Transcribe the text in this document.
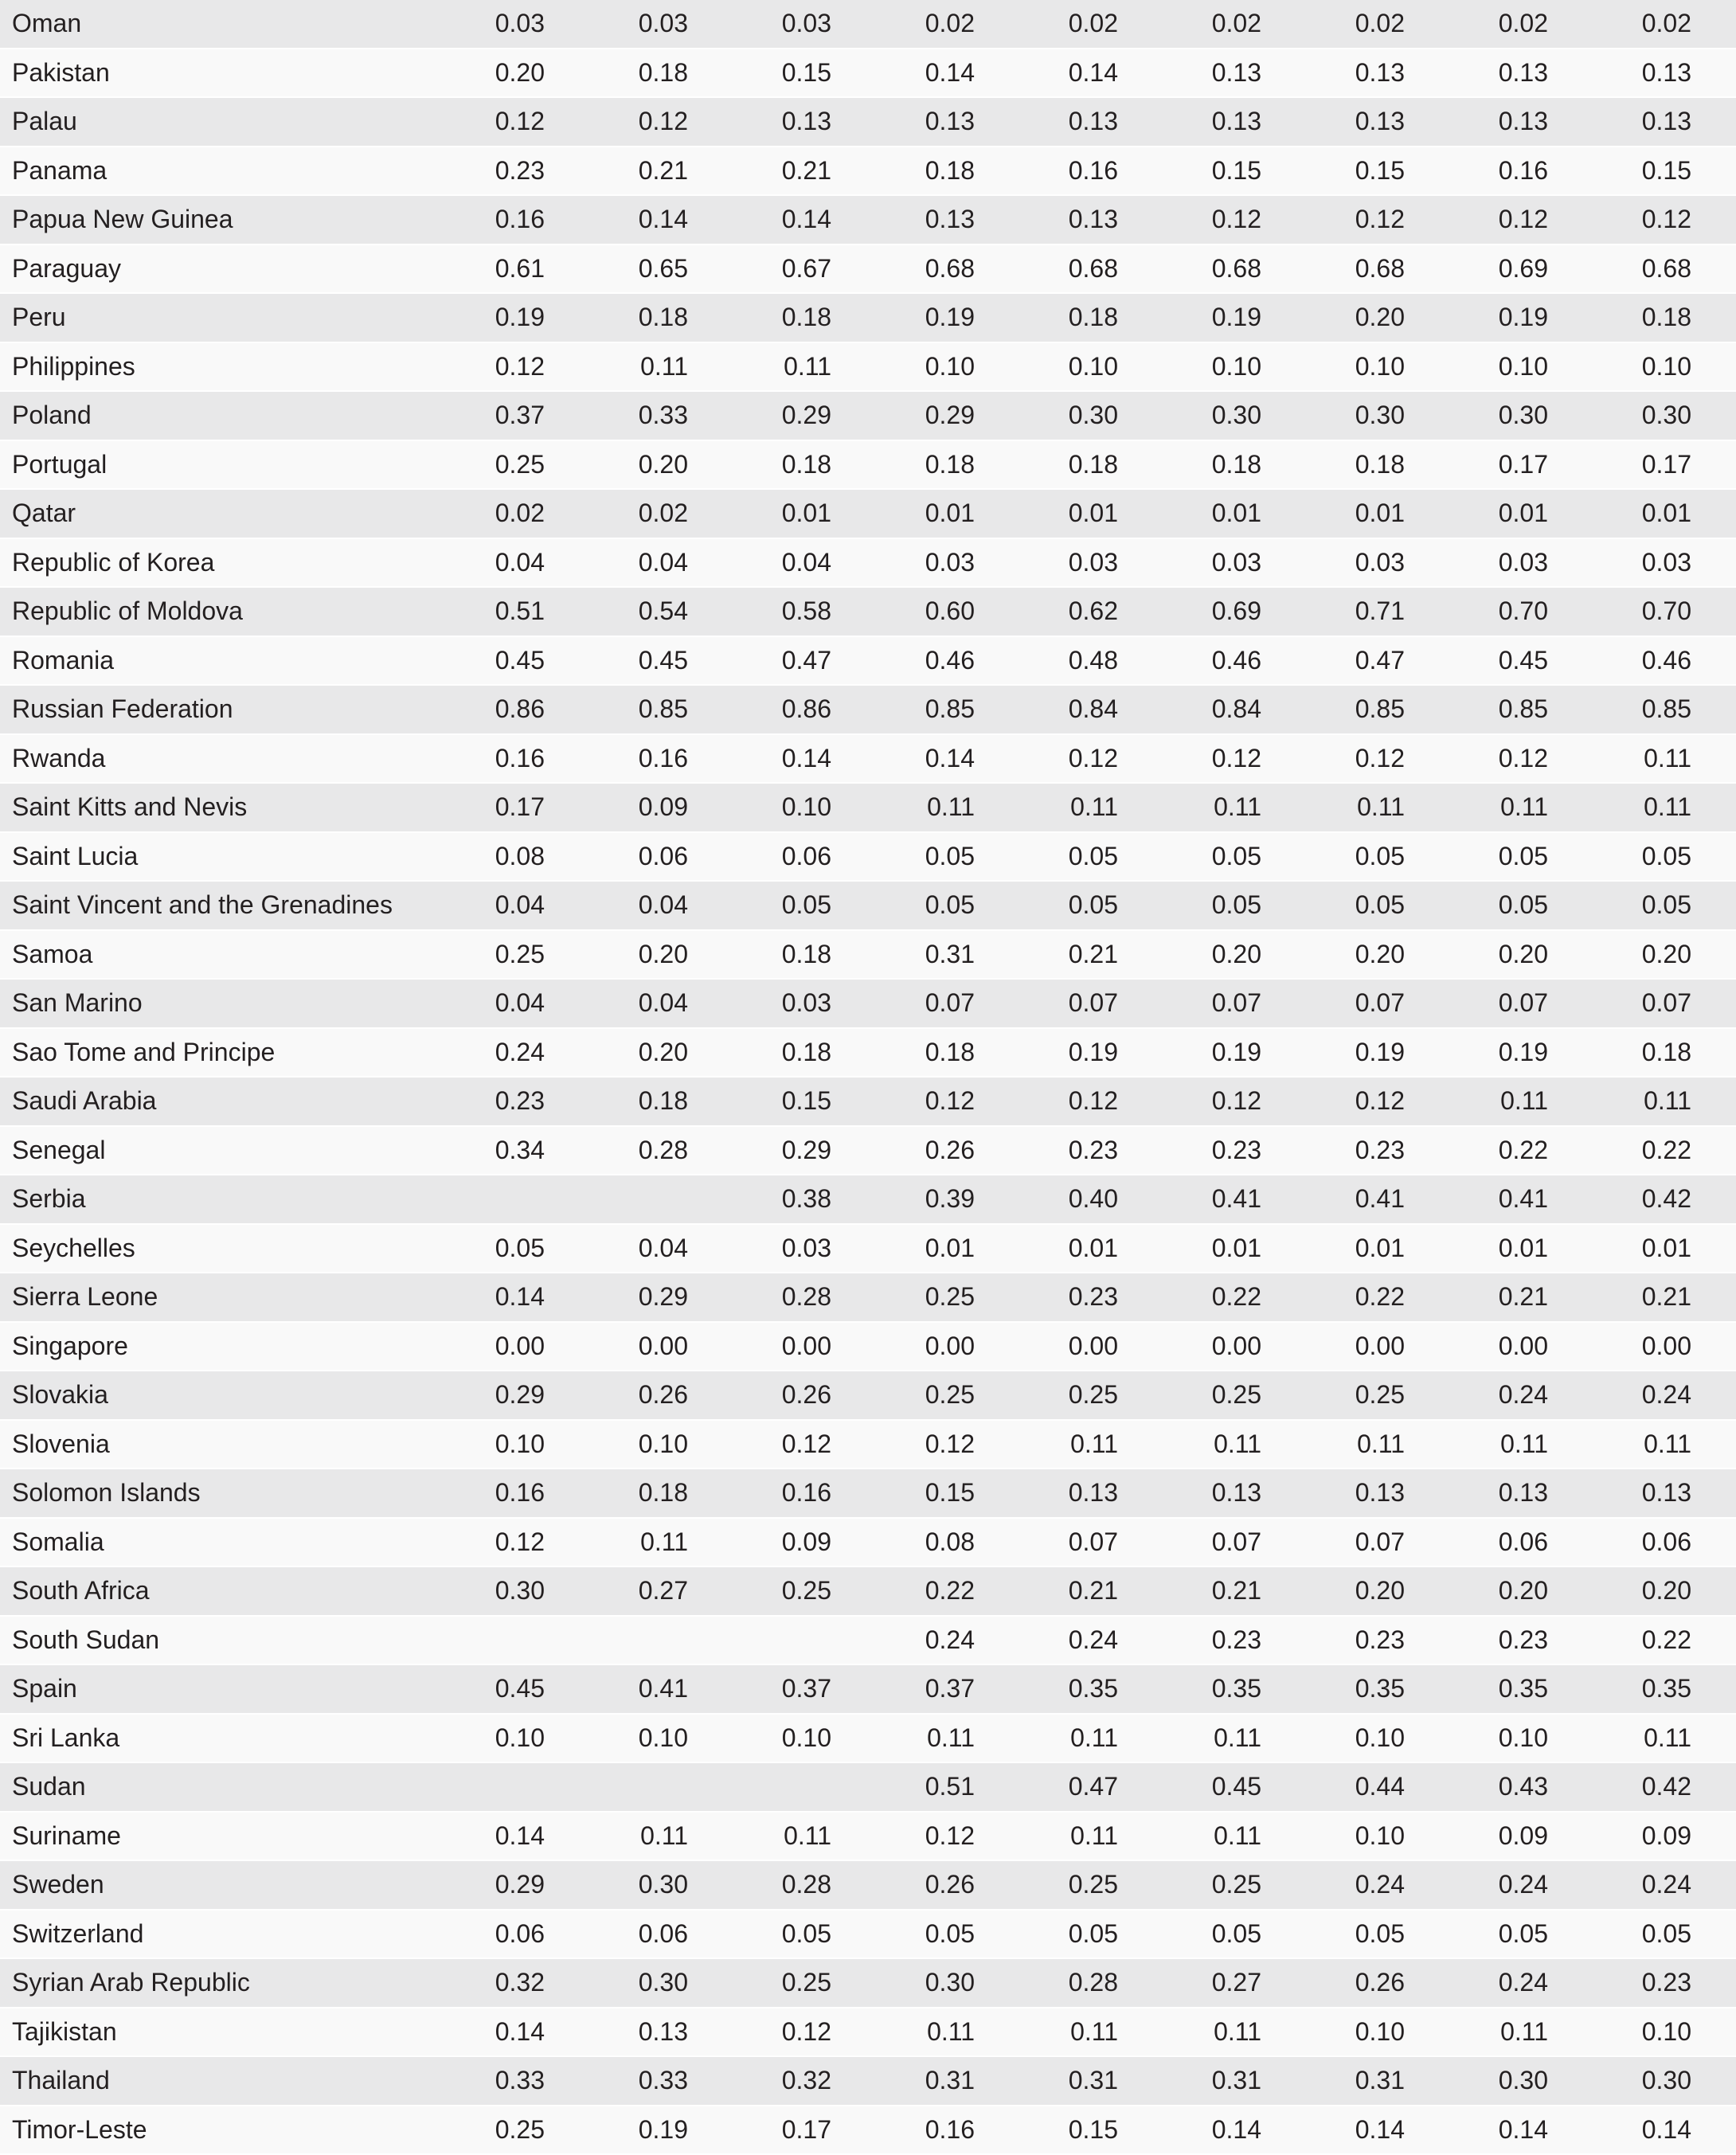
Oman	0.03	0.03	0.03	0.02	0.02	0.02	0.02	0.02	0.02
Pakistan	0.20	0.18	0.15	0.14	0.14	0.13	0.13	0.13	0.13
Palau	0.12	0.12	0.13	0.13	0.13	0.13	0.13	0.13	0.13
Panama	0.23	0.21	0.21	0.18	0.16	0.15	0.15	0.16	0.15
Papua New Guinea	0.16	0.14	0.14	0.13	0.13	0.12	0.12	0.12	0.12
Paraguay	0.61	0.65	0.67	0.68	0.68	0.68	0.68	0.69	0.68
Peru	0.19	0.18	0.18	0.19	0.18	0.19	0.20	0.19	0.18
Philippines	0.12	0.11	0.11	0.10	0.10	0.10	0.10	0.10	0.10
Poland	0.37	0.33	0.29	0.29	0.30	0.30	0.30	0.30	0.30
Portugal	0.25	0.20	0.18	0.18	0.18	0.18	0.18	0.17	0.17
Qatar	0.02	0.02	0.01	0.01	0.01	0.01	0.01	0.01	0.01
Republic of Korea	0.04	0.04	0.04	0.03	0.03	0.03	0.03	0.03	0.03
Republic of Moldova	0.51	0.54	0.58	0.60	0.62	0.69	0.71	0.70	0.70
Romania	0.45	0.45	0.47	0.46	0.48	0.46	0.47	0.45	0.46
Russian Federation	0.86	0.85	0.86	0.85	0.84	0.84	0.85	0.85	0.85
Rwanda	0.16	0.16	0.14	0.14	0.12	0.12	0.12	0.12	0.11
Saint Kitts and Nevis	0.17	0.09	0.10	0.11	0.11	0.11	0.11	0.11	0.11
Saint Lucia	0.08	0.06	0.06	0.05	0.05	0.05	0.05	0.05	0.05
Saint Vincent and the Grenadines	0.04	0.04	0.05	0.05	0.05	0.05	0.05	0.05	0.05
Samoa	0.25	0.20	0.18	0.31	0.21	0.20	0.20	0.20	0.20
San Marino	0.04	0.04	0.03	0.07	0.07	0.07	0.07	0.07	0.07
Sao Tome and Principe	0.24	0.20	0.18	0.18	0.19	0.19	0.19	0.19	0.18
Saudi Arabia	0.23	0.18	0.15	0.12	0.12	0.12	0.12	0.11	0.11
Senegal	0.34	0.28	0.29	0.26	0.23	0.23	0.23	0.22	0.22
Serbia			0.38	0.39	0.40	0.41	0.41	0.41	0.42
Seychelles	0.05	0.04	0.03	0.01	0.01	0.01	0.01	0.01	0.01
Sierra Leone	0.14	0.29	0.28	0.25	0.23	0.22	0.22	0.21	0.21
Singapore	0.00	0.00	0.00	0.00	0.00	0.00	0.00	0.00	0.00
Slovakia	0.29	0.26	0.26	0.25	0.25	0.25	0.25	0.24	0.24
Slovenia	0.10	0.10	0.12	0.12	0.11	0.11	0.11	0.11	0.11
Solomon Islands	0.16	0.18	0.16	0.15	0.13	0.13	0.13	0.13	0.13
Somalia	0.12	0.11	0.09	0.08	0.07	0.07	0.07	0.06	0.06
South Africa	0.30	0.27	0.25	0.22	0.21	0.21	0.20	0.20	0.20
South Sudan				0.24	0.24	0.23	0.23	0.23	0.22
Spain	0.45	0.41	0.37	0.37	0.35	0.35	0.35	0.35	0.35
Sri Lanka	0.10	0.10	0.10	0.11	0.11	0.11	0.10	0.10	0.11
Sudan				0.51	0.47	0.45	0.44	0.43	0.42
Suriname	0.14	0.11	0.11	0.12	0.11	0.11	0.10	0.09	0.09
Sweden	0.29	0.30	0.28	0.26	0.25	0.25	0.24	0.24	0.24
Switzerland	0.06	0.06	0.05	0.05	0.05	0.05	0.05	0.05	0.05
Syrian Arab Republic	0.32	0.30	0.25	0.30	0.28	0.27	0.26	0.24	0.23
Tajikistan	0.14	0.13	0.12	0.11	0.11	0.11	0.10	0.11	0.10
Thailand	0.33	0.33	0.32	0.31	0.31	0.31	0.31	0.30	0.30
Timor-Leste	0.25	0.19	0.17	0.16	0.15	0.14	0.14	0.14	0.14
